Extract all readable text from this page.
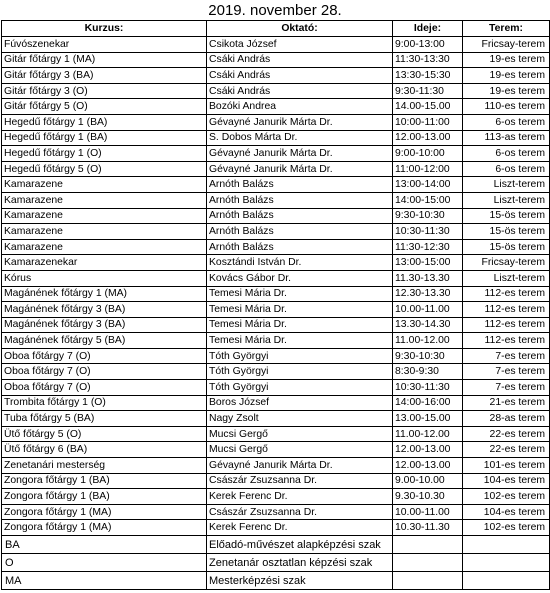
2019. november 28.
Kurzus:	Oktató:	Ideje:	Terem:
Fúvószenekar	Csikota József	9:00-13:00	Fricsay-terem
Gitár főtárgy 1 (MA)	Csáki András	11:30-13:30	19-es terem
Gitár főtárgy 3 (BA)	Csáki András	13:30-15:30	19-es terem
Gitár főtárgy 3 (O)	Csáki András	9:30-11:30	19-es terem
Gitár főtárgy 5 (O)	Bozóki Andrea	14.00-15.00	110-es terem
Hegedű főtárgy 1 (BA)	Gévayné Janurik Márta Dr.	10:00-11:00	6-os terem
Hegedű főtárgy 1 (BA)	S. Dobos Márta Dr.	12.00-13.00	113-as terem
Hegedű főtárgy 1 (O)	Gévayné Janurik Márta Dr.	9:00-10:00	6-os terem
Hegedű főtárgy 5 (O)	Gévayné Janurik Márta Dr.	11:00-12:00	6-os terem
Kamarazene	Arnóth Balázs	13:00-14:00	Liszt-terem
Kamarazene	Arnóth Balázs	14:00-15:00	Liszt-terem
Kamarazene	Arnóth Balázs	9:30-10:30	15-ös terem
Kamarazene	Arnóth Balázs	10:30-11:30	15-ös terem
Kamarazene	Arnóth Balázs	11:30-12:30	15-ös terem
Kamarazenekar	Kosztándi István Dr.	13:00-15:00	Fricsay-terem
Kórus	Kovács Gábor Dr.	11.30-13.30	Liszt-terem
Magánének főtárgy 1 (MA)	Temesi Mária Dr.	12.30-13.30	112-es terem
Magánének főtárgy 3 (BA)	Temesi Mária Dr.	10.00-11.00	112-es terem
Magánének főtárgy 3 (BA)	Temesi Mária Dr.	13.30-14.30	112-es terem
Magánének főtárgy 5 (BA)	Temesi Mária Dr.	11.00-12.00	112-es terem
Oboa főtárgy 7 (O)	Tóth Györgyi	9:30-10:30	7-es terem
Oboa főtárgy 7 (O)	Tóth Györgyi	8:30-9:30	7-es terem
Oboa főtárgy 7 (O)	Tóth Györgyi	10:30-11:30	7-es terem
Trombita főtárgy 1 (O)	Boros József	14:00-16:00	21-es terem
Tuba főtárgy 5 (BA)	Nagy Zsolt	13.00-15.00	28-as terem
Ütő főtárgy 5 (O)	Mucsi Gergő	11.00-12.00	22-es terem
Ütő főtárgy 6 (BA)	Mucsi Gergő	12.00-13.00	22-es terem
Zenetanári mesterség	Gévayné Janurik Márta Dr.	12.00-13.00	101-es terem
Zongora főtárgy 1 (BA)	Császár Zsuzsanna Dr.	9.00-10.00	104-es terem
Zongora főtárgy 1 (BA)	Kerek Ferenc Dr.	9.30-10.30	102-es terem
Zongora főtárgy 1 (MA)	Császár Zsuzsanna Dr.	10.00-11.00	104-es terem
Zongora főtárgy 1 (MA)	Kerek Ferenc Dr.	10.30-11.30	102-es terem
BA	Előadó-művészet alapképzési szak		
O	Zenetanár osztatlan képzési szak		
MA	Mesterképzési szak		
